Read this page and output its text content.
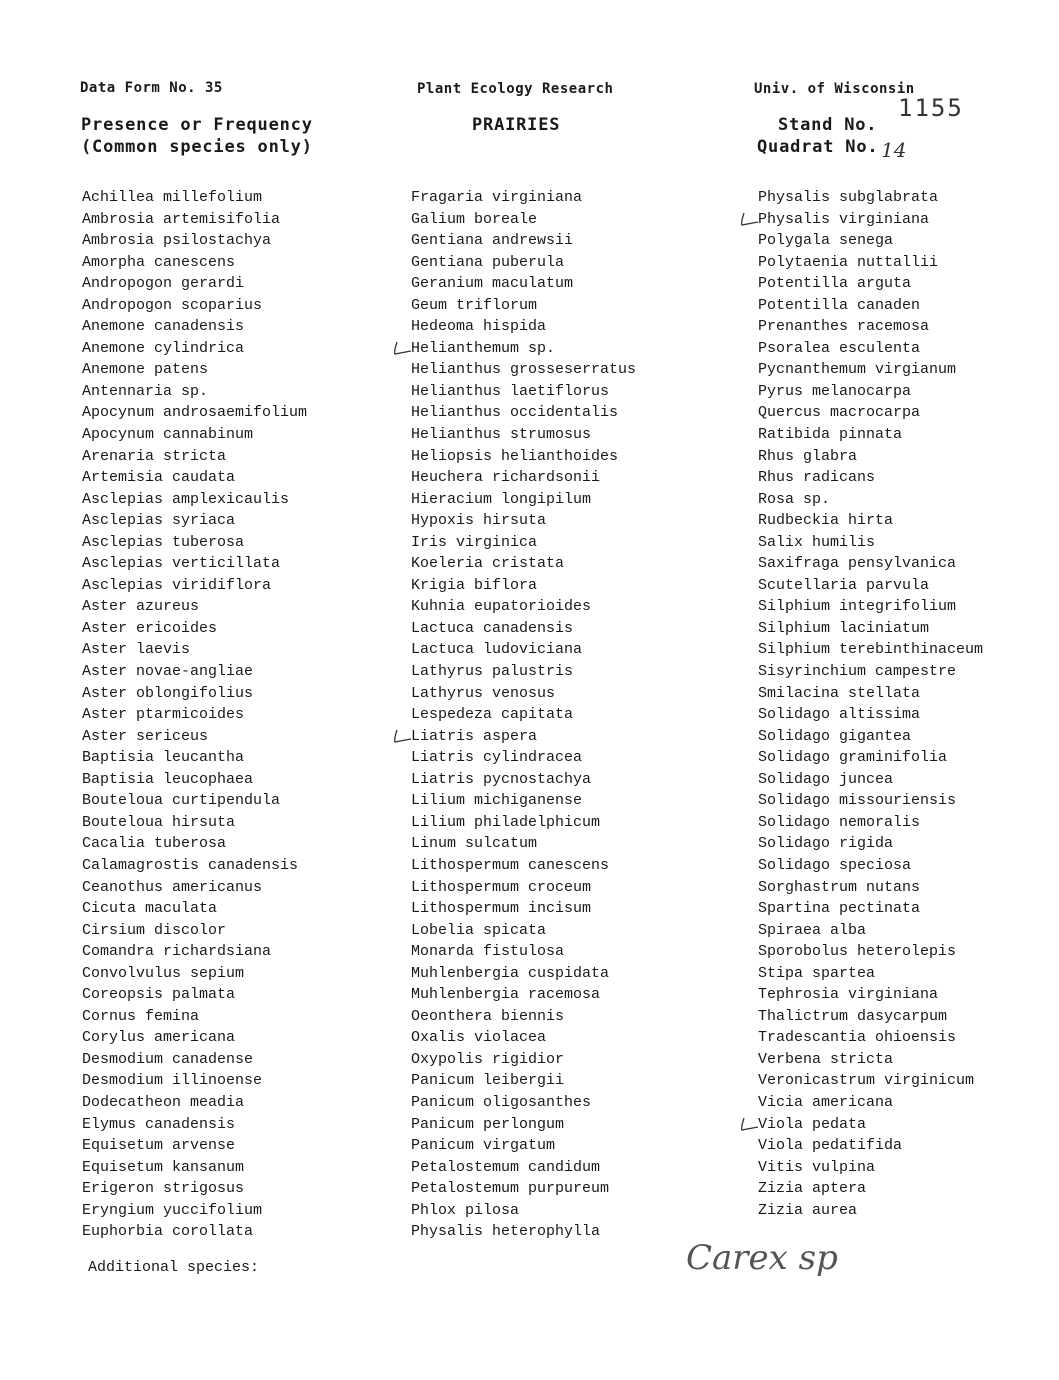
Data Form No. 35	Plant Ecology Research	Univ. of Wisconsin
Presence or Frequency
(Common species only)
PRAIRIES	Stand No.
Quadrat No.
1155
14
Achillea millefolium
Ambrosia artemisifolia
Ambrosia psilostachya
Amorpha canescens
Andropogon gerardi
Andropogon scoparius
Anemone canadensis
Anemone cylindrica
Anemone patens
Antennaria sp.
Apocynum androsaemifolium
Apocynum cannabinum
Arenaria stricta
Artemisia caudata
Asclepias amplexicaulis
Asclepias syriaca
Asclepias tuberosa
Asclepias verticillata
Asclepias viridiflora
Aster azureus
Aster ericoides
Aster laevis
Aster novae-angliae
Aster oblongifolius
Aster ptarmicoides
Aster sericeus
Baptisia leucantha
Baptisia leucophaea
Bouteloua curtipendula
Bouteloua hirsuta
Cacalia tuberosa
Calamagrostis canadensis
Ceanothus americanus
Cicuta maculata
Cirsium discolor
Comandra richardsiana
Convolvulus sepium
Coreopsis palmata
Cornus femina
Corylus americana
Desmodium canadense
Desmodium illinoense
Dodecatheon meadia
Elymus canadensis
Equisetum arvense
Equisetum kansanum
Erigeron strigosus
Eryngium yuccifolium
Euphorbia corollata
Fragaria virginiana
Galium boreale
Gentiana andrewsii
Gentiana puberula
Geranium maculatum
Geum triflorum
Hedeoma hispida
Helianthemum sp.
Helianthus grosseserratus
Helianthus laetiflorus
Helianthus occidentalis
Helianthus strumosus
Heliopsis helianthoides
Heuchera richardsonii
Hieracium longipilum
Hypoxis hirsuta
Iris virginica
Koeleria cristata
Krigia biflora
Kuhnia eupatorioides
Lactuca canadensis
Lactuca ludoviciana
Lathyrus palustris
Lathyrus venosus
Lespedeza capitata
Liatris aspera
Liatris cylindracea
Liatris pycnostachya
Lilium michiganense
Lilium philadelphicum
Linum sulcatum
Lithospermum canescens
Lithospermum croceum
Lithospermum incisum
Lobelia spicata
Monarda fistulosa
Muhlenbergia cuspidata
Muhlenbergia racemosa
Oeonthera biennis
Oxalis violacea
Oxypolis rigidior
Panicum leibergii
Panicum oligosanthes
Panicum perlongum
Panicum virgatum
Petalostemum candidum
Petalostemum purpureum
Phlox pilosa
Physalis heterophylla
Physalis subglabrata
Physalis virginiana
Polygala senega
Polytaenia nuttallii
Potentilla arguta
Potentilla canaden
Prenanthes racemosa
Psoralea esculenta
Pycnanthemum virgianum
Pyrus melanocarpa
Quercus macrocarpa
Ratibida pinnata
Rhus glabra
Rhus radicans
Rosa sp.
Rudbeckia hirta
Salix humilis
Saxifraga pensylvanica
Scutellaria parvula
Silphium integrifolium
Silphium laciniatum
Silphium terebinthinaceum
Sisyrinchium campestre
Smilacina stellata
Solidago altissima
Solidago gigantea
Solidago graminifolia
Solidago juncea
Solidago missouriensis
Solidago nemoralis
Solidago rigida
Solidago speciosa
Sorghastrum nutans
Spartina pectinata
Spiraea alba
Sporobolus heterolepis
Stipa spartea
Tephrosia virginiana
Thalictrum dasycarpum
Tradescantia ohioensis
Verbena stricta
Veronicastrum virginicum
Vicia americana
Viola pedata
Viola pedatifida
Vitis vulpina
Zizia aptera
Zizia aurea
Additional species:	Carex sp
